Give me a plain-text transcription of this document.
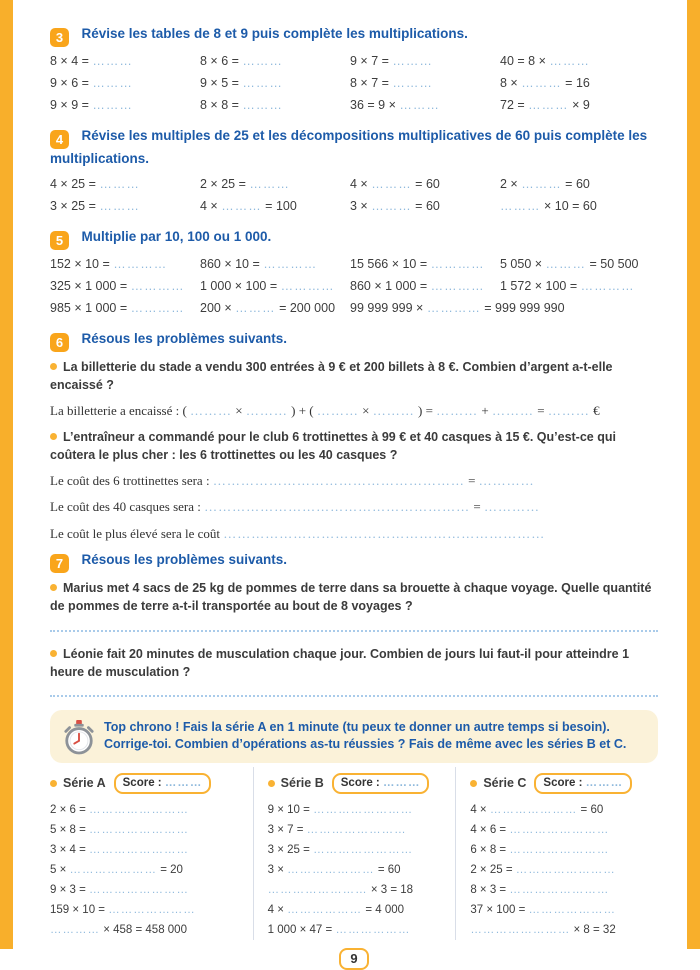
3 Révise les tables de 8 et 9 puis complète les multiplications.
8 × 4 = ………	8 × 6 = ………	9 × 7 = ………	40 = 8 × ………
9 × 6 = ………	9 × 5 = ………	8 × 7 = ………	8 × ……… = 16
9 × 9 = ………	8 × 8 = ………	36 = 9 × ………	72 = ……… × 9
4 Révise les multiples de 25 et les décompositions multiplicatives de 60 puis complète les multiplications.
4 × 25 = ………	2 × 25 = ………	4 × ……… = 60	2 × ……… = 60
3 × 25 = ………	4 × ……… = 100	3 × ……… = 60	……… × 10 = 60
5 Multiplie par 10, 100 ou 1 000.
152 × 10 = …………	860 × 10 = …………	15 566 × 10 = …………	5 050 × ……… = 50 500
325 × 1 000 = …………	1 000 × 100 = …………	860 × 1 000 = …………	1 572 × 100 = …………
985 × 1 000 = …………	200 × ……… = 200 000	99 999 999 × ………… = 999 999 990
6 Résous les problèmes suivants.
La billetterie du stade a vendu 300 entrées à 9 € et 200 billets à 8 €. Combien d’argent a-t-elle encaissé ?
La billetterie a encaissé : ( ……… × ……… ) + ( ……… × ……… ) = ……… + ……… = ……… €
L’entraîneur a commandé pour le club 6 trottinettes à 99 € et 40 casques à 15 €. Qu’est-ce qui coûtera le plus cher : les 6 trottinettes ou les 40 casques ?
Le coût des 6 trottinettes sera : ……………………………………………… = …………
Le coût des 40 casques sera : ………………………………………………… = …………
Le coût le plus élevé sera le coût ……………………………………………………………
7 Résous les problèmes suivants.
Marius met 4 sacs de 25 kg de pommes de terre dans sa brouette à chaque voyage. Quelle quantité de pommes de terre a-t-il transportée au bout de 8 voyages ?
Léonie fait 20 minutes de musculation chaque jour. Combien de jours lui faut-il pour atteindre 1 heure de musculation ?
Top chrono ! Fais la série A en 1 minute (tu peux te donner un autre temps si besoin). Corrige-toi. Combien d’opérations as-tu réussies ? Fais de même avec les séries B et C.
Série A	Score : ………
2 × 6 = ……………………
5 × 8 = ……………………
3 × 4 = ……………………
5 × ………………… = 20
9 × 3 = ……………………
159 × 10 = …………………
………… × 458 = 458 000
Série B	Score : ………
9 × 10 = ……………………
3 × 7 = ……………………
3 × 25 = ……………………
3 × ………………… = 60
…………………… × 3 = 18
4 × ……………… = 4 000
1 000 × 47 = ………………
Série C	Score : ………
4 × ………………… = 60
4 × 6 = ……………………
6 × 8 = ……………………
2 × 25 = ……………………
8 × 3 = ……………………
37 × 100 = …………………
…………………… × 8 = 32
9
